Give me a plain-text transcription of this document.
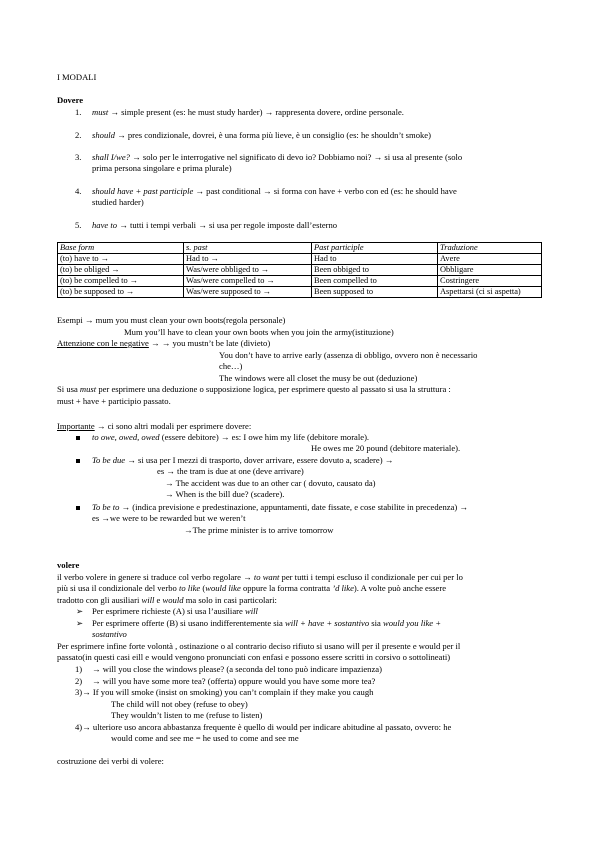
I MODALI
Dovere
1. must → simple present (es: he must study harder) → rappresenta dovere, ordine personale.
2. should → pres condizionale, dovrei, è una forma più lieve, è un consiglio (es: he shouldn’t smoke)
3. shall I/we? → solo per le interrogative nel significato di devo io? Dobbiamo noi? → si usa al presente (solo
prima persona singolare e prima plurale)
4. should have + past participle → past conditional → si forma con have + verbo con ed (es: he should have
studied harder)
5. have to → tutti i tempi verbali → si usa per regole imposte dall’esterno
Base form	s. past	Past participle	Traduzione
(to) have to →	Had to →	Had to	Avere
(to) be obliged →	Was/were obbliged to →	Been obbiged to	Obbligare
(to) be compelled to →	Was/were compelled to →	Been compelled to	Costringere
(to) be supposed to →	Was/were supposed to →	Been supposed to	Aspettarsi (ci si aspetta)
Esempi → mum you must clean your own boots(regola personale)
Mum you’ll have to clean your own boots when you join the army(istituzione)
Attenzione con le negative → → you mustn’t be late (divieto)
You don’t have to arrive early (assenza di obbligo, ovvero non è necessario
che…)
The windows were all closet the musy be out (deduzione)
Si usa must per esprimere una deduzione o supposizione logica, per esprimere questo al passato si usa la struttura :
must + have + participio passato.
Importante → ci sono altri modali per esprimere dovere:
to owe, owed, owed (essere debitore) → es: I owe him my life (debitore morale).
He owes me 20 pound (debitore materiale).
To be due → si usa per I mezzi di trasporto, dover arrivare, essere dovuto a, scadere) →
es → the tram is due at one (deve arrivare)
→ The accident was due to an other car ( dovuto, causato da)
→ When is the bill due? (scadere).
To be to → (indica previsione e predestinazione, appuntamenti, date fissate, e cose stabilite in precedenza) →
es →we were to be rewarded but we weren’t
→The prime minister is to arrive tomorrow
volere
il verbo volere in genere si traduce col verbo regolare → to want per tutti i tempi escluso il condizionale per cui per lo
più si usa il condizionale del verbo to like (would like oppure la forma contratta ’d like). A volte può anche essere
tradotto con gli ausiliari will e would ma solo in casi particolari:
➢ Per esprimere richieste (A) si usa l’ausiliare will
➢ Per esprimere offerte (B) si usano indifferentemente sia will + have + sostantivo sia would you like +
sostantivo
Per esprimere infine forte volontà , ostinazione o al contrario deciso rifiuto si usano will per il presente e would per il
passato(in questi casi eill e would vengono pronunciati con enfasi e possono essere scritti in corsivo o sottolineati)
1) → will you close the windows please? (a seconda del tono può indicare impazienza)
2) → will you have some more tea? (offerta) oppure would you have some more tea?
3)→ If you will smoke (insist on smoking) you can’t complain if they make you caugh
The child will not obey (refuse to obey)
They wouldn’t listen to me (refuse to listen)
4)→ ulteriore uso ancora abbastanza frequente è quello di would per indicare abitudine al passato, ovvero: he
would come and see me = he used to come and see me
costruzione dei verbi di volere:
